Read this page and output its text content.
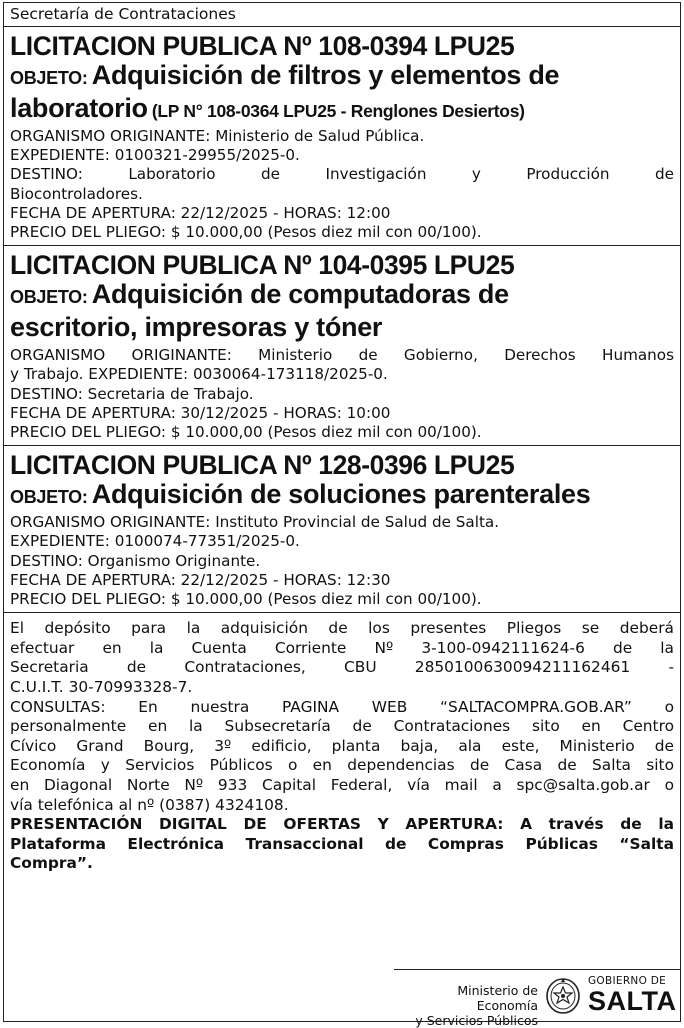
Secretaría de Contrataciones
LICITACION PUBLICA Nº 108-0394 LPU25
OBJETO: Adquisición de filtros y elementos de
laboratorio (LP N° 108-0364 LPU25 - Renglones Desiertos)
ORGANISMO ORIGINANTE: Ministerio de Salud Pública.
EXPEDIENTE: 0100321-29955/2025-0.
DESTINO: Laboratorio de Investigación y Producción de
Biocontroladores.
FECHA DE APERTURA: 22/12/2025 - HORAS: 12:00
PRECIO DEL PLIEGO: $ 10.000,00 (Pesos diez mil con 00/100).
LICITACION PUBLICA Nº 104-0395 LPU25
OBJETO: Adquisición de computadoras de
escritorio, impresoras y tóner
ORGANISMO ORIGINANTE: Ministerio de Gobierno, Derechos Humanos
y Trabajo. EXPEDIENTE: 0030064-173118/2025-0.
DESTINO: Secretaria de Trabajo.
FECHA DE APERTURA: 30/12/2025 - HORAS: 10:00
PRECIO DEL PLIEGO: $ 10.000,00 (Pesos diez mil con 00/100).
LICITACION PUBLICA Nº 128-0396 LPU25
OBJETO: Adquisición de soluciones parenterales
ORGANISMO ORIGINANTE: Instituto Provincial de Salud de Salta.
EXPEDIENTE: 0100074-77351/2025-0.
DESTINO: Organismo Originante.
FECHA DE APERTURA: 22/12/2025 - HORAS: 12:30
PRECIO DEL PLIEGO: $ 10.000,00 (Pesos diez mil con 00/100).
El depósito para la adquisición de los presentes Pliegos se deberá
efectuar en la Cuenta Corriente Nº 3-100-0942111624-6 de la
Secretaria de Contrataciones, CBU 2850100630094211162461 -
C.U.I.T. 30-70993328-7.
CONSULTAS: En nuestra PAGINA WEB “SALTACOMPRA.GOB.AR” o
personalmente en la Subsecretaría de Contrataciones sito en Centro
Cívico Grand Bourg, 3º edificio, planta baja, ala este, Ministerio de
Economía y Servicios Públicos o en dependencias de Casa de Salta sito
en Diagonal Norte Nº 933 Capital Federal, vía mail a spc@salta.gob.ar o
vía telefónica al nº (0387) 4324108.
PRESENTACIÓN DIGITAL DE OFERTAS Y APERTURA: A través de la
Plataforma Electrónica Transaccional de Compras Públicas “Salta
Compra”.
Ministerio de Economía
y Servicios Públicos
GOBIERNO DE
SALTA
